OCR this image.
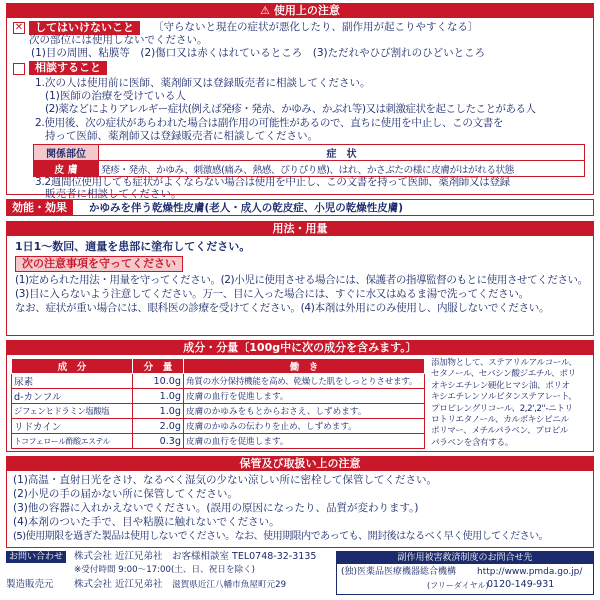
⚠ 使用上の注意
✕	してはいけないこと	〔守らないと現在の症状が悪化したり、副作用が起こりやすくなる〕
次の部位には使用しないでください。
(1)目の周囲、粘膜等　(2)傷口又は赤くはれているところ　(3)ただれやひび割れのひどいところ
相談すること
1.次の人は使用前に医師、薬剤師又は登録販売者に相談してください。
(1)医師の治療を受けている人
(2)薬などによりアレルギー症状(例えば発疹・発赤、かゆみ、かぶれ等)又は刺激症状を起こしたことがある人
2.使用後、次の症状があらわれた場合は副作用の可能性があるので、直ちに使用を中止し、この文書を
持って医師、薬剤師又は登録販売者に相談してください。
関係部位	症　状
皮 膚	発疹・発赤、かゆみ、刺激感(痛み、熱感、ぴりぴり感)、はれ、かさぶたの様に皮膚がはがれる状態
3.2週間位使用しても症状がよくならない場合は使用を中止し、この文書を持って医師、薬剤師又は登録
販売者に相談してください。
効能・効果	かゆみを伴う乾燥性皮膚(老人・成人の乾皮症、小児の乾燥性皮膚)
用法・用量
1日1～数回、適量を患部に塗布してください。
次の注意事項を守ってください
(1)定められた用法・用量を守ってください。(2)小児に使用させる場合には、保護者の指導監督のもとに使用させてください。
(3)目に入らないよう注意してください。万一、目に入った場合には、すぐに水又はぬるま湯で洗ってください。
なお、症状が重い場合には、眼科医の診療を受けてください。(4)本剤は外用にのみ使用し、内服しないでください。
成分・分量〔100g中に次の成分を含みます。〕
成　分	分　量	働　き
尿素	10.0g	角質の水分保持機能を高め、乾燥した肌をしっとりさせます。
d-カンフル	1.0g	皮膚の血行を促進します。
ジフェンヒドラミン塩酸塩	1.0g	皮膚のかゆみをもとからおさえ、しずめます。
リドカイン	2.0g	皮膚のかゆみの伝わりを止め、しずめます。
トコフェロール酢酸エステル	0.3g	皮膚の血行を促進します。
添加物として、ステアリルアルコール、
セタノール、セバシン酸ジエチル、ポリ
オキシエチレン硬化ヒマシ油、ポリオ
キシエチレンソルビタンステアレート、
プロピレングリコール、2,2',2''-ニトリ
ロトリエタノール、カルボキシビニル
ポリマー、メチルパラベン、プロピル
パラベンを含有する。
保管及び取扱い上の注意
(1)高温・直射日光をさけ、なるべく湿気の少ない涼しい所に密栓して保管してください。
(2)小児の手の届かない所に保管してください。
(3)他の容器に入れかえないでください。(誤用の原因になったり、品質が変わります。)
(4)本剤のついた手で、目や粘膜に触れないでください。
(5)使用期限を過ぎた製品は使用しないでください。なお、使用期限内であっても、開封後はなるべく早く使用してください。
お問い合わせ	株式会社 近江兄弟社 お客様相談室 TEL0748-32-3135
※受付時間 9:00～17:00(土、日、祝日を除く)
製造販売元 株式会社 近江兄弟社 滋賀県近江八幡市魚屋町元29
副作用被害救済制度のお問合せ先
(独)医薬品医療機器総合機構 http://www.pmda.go.jp/
(フリーダイヤル)
0120-149-931
